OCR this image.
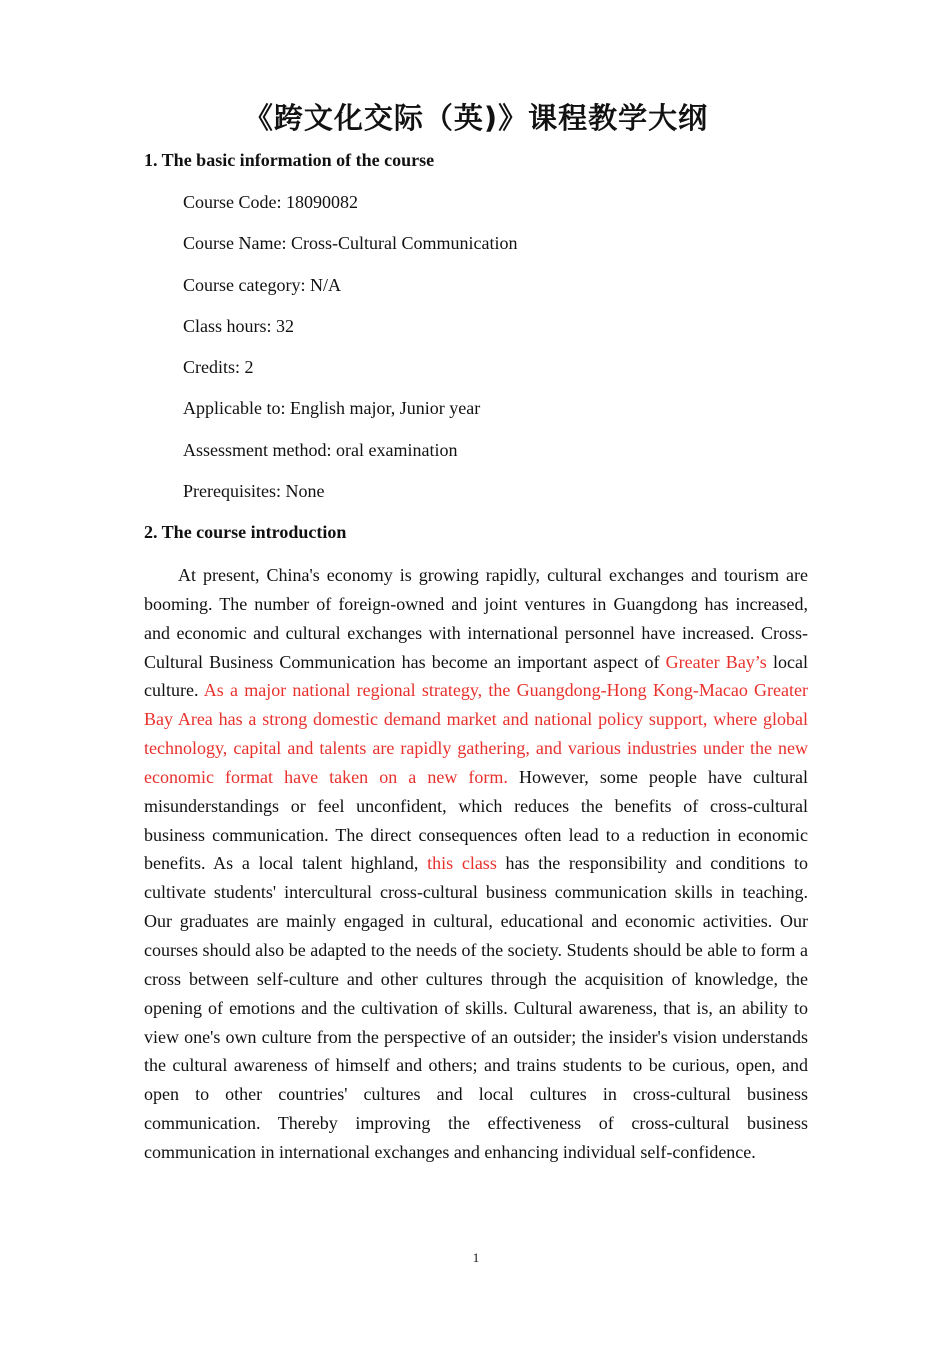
《跨文化交际（英)》课程教学大纲
1. The basic information of the course
Course Code: 18090082
Course Name: Cross-Cultural Communication
Course category: N/A
Class hours: 32
Credits: 2
Applicable to: English major, Junior year
Assessment method: oral examination
Prerequisites: None
2. The course introduction

At present, China's economy is growing rapidly, cultural exchanges and tourism are booming. The number of foreign-owned and joint ventures in Guangdong has increased, and economic and cultural exchanges with international personnel have increased. Cross-Cultural Business Communication has become an important aspect of Greater Bay’s local culture. As a major national regional strategy, the Guangdong-Hong Kong-Macao Greater Bay Area has a strong domestic demand market and national policy support, where global technology, capital and talents are rapidly gathering, and various industries under the new economic format have taken on a new form. However, some people have cultural misunderstandings or feel unconfident, which reduces the benefits of cross-cultural business communication. The direct consequences often lead to a reduction in economic benefits. As a local talent highland, this class has the responsibility and conditions to cultivate students' intercultural cross-cultural business communication skills in teaching. Our graduates are mainly engaged in cultural, educational and economic activities. Our courses should also be adapted to the needs of the society. Students should be able to form a cross between self-culture and other cultures through the acquisition of knowledge, the opening of emotions and the cultivation of skills. Cultural awareness, that is, an ability to view one's own culture from the perspective of an outsider; the insider's vision understands the cultural awareness of himself and others; and trains students to be curious, open, and open to other countries' cultures and local cultures in cross-cultural business communication. Thereby improving the effectiveness of cross-cultural business communication in international exchanges and enhancing individual self-confidence.

1
